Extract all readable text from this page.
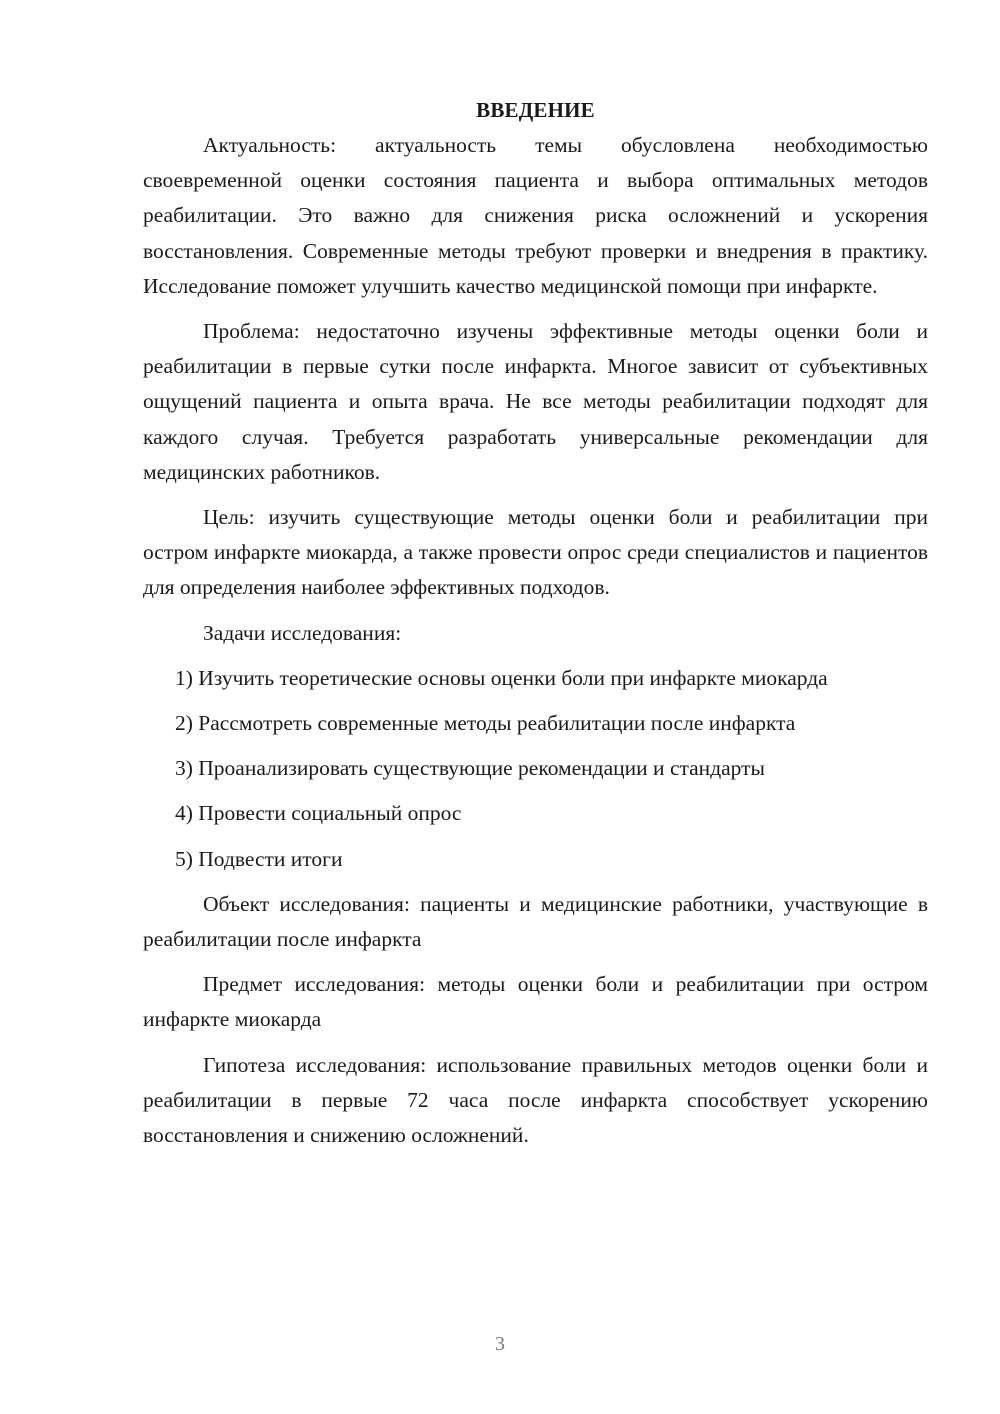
ВВЕДЕНИЕ

Актуальность: актуальность темы обусловлена необходимостью своевременной оценки состояния пациента и выбора оптимальных методов реабилитации. Это важно для снижения риска осложнений и ускорения восстановления. Современные методы требуют проверки и внедрения в практику. Исследование поможет улучшить качество медицинской помощи при инфаркте.

Проблема: недостаточно изучены эффективные методы оценки боли и реабилитации в первые сутки после инфаркта. Многое зависит от субъективных ощущений пациента и опыта врача. Не все методы реабилитации подходят для каждого случая. Требуется разработать универсальные рекомендации для медицинских работников.

Цель: изучить существующие методы оценки боли и реабилитации при остром инфаркте миокарда, а также провести опрос среди специалистов и пациентов для определения наиболее эффективных подходов.

Задачи исследования:

1) Изучить теоретические основы оценки боли при инфаркте миокарда

2) Рассмотреть современные методы реабилитации после инфаркта

3) Проанализировать существующие рекомендации и стандарты

4) Провести социальный опрос

5) Подвести итоги

Объект исследования: пациенты и медицинские работники, участвующие в реабилитации после инфаркта

Предмет исследования: методы оценки боли и реабилитации при остром инфаркте миокарда

Гипотеза исследования: использование правильных методов оценки боли и реабилитации в первые 72 часа после инфаркта способствует ускорению восстановления и снижению осложнений.

3
